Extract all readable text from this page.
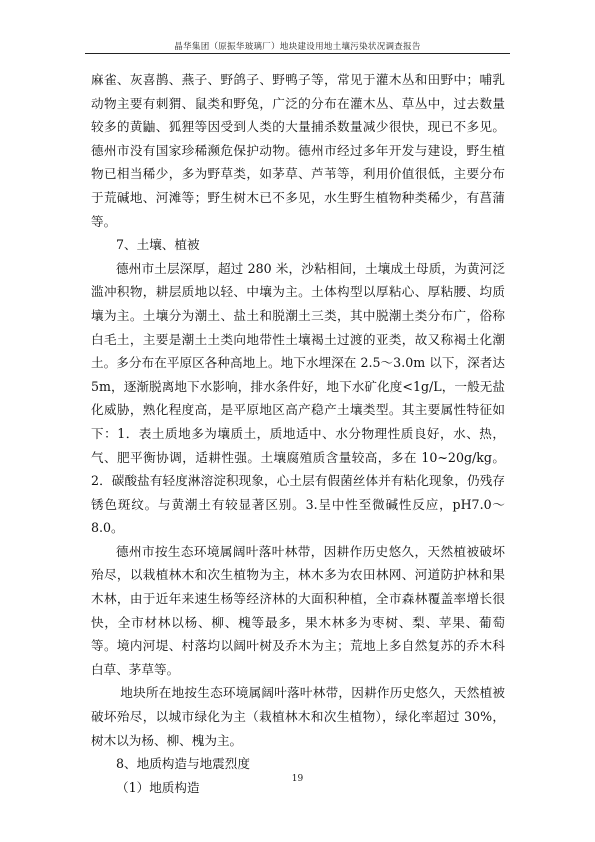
晶华集团（原振华玻璃厂）地块建设用地土壤污染状况调查报告

麻雀、灰喜鹊、燕子、野鸽子、野鸭子等，常见于灌木丛和田野中；哺乳动物主要有刺猬、鼠类和野兔，广泛的分布在灌木丛、草丛中，过去数量较多的黄鼬、狐狸等因受到人类的大量捕杀数量减少很快，现已不多见。德州市没有国家珍稀濒危保护动物。德州市经过多年开发与建设，野生植物已相当稀少，多为野草类，如茅草、芦苇等，利用价值很低，主要分布于荒碱地、河滩等；野生树木已不多见，水生野生植物种类稀少，有菖蒲等。

7、土壤、植被

德州市土层深厚，超过 280 米，沙粘相间，土壤成土母质，为黄河泛滥冲积物，耕层质地以轻、中壤为主。土体构型以厚粘心、厚粘腰、均质壤为主。土壤分为潮土、盐土和脱潮土三类，其中脱潮土类分布广，俗称白毛土，主要是潮土土类向地带性土壤褐土过渡的亚类，故又称褐土化潮土。多分布在平原区各种高地上。地下水埋深在 2.5～3.0m 以下，深者达 5m，逐渐脱离地下水影响，排水条件好，地下水矿化度<1g/L，一般无盐化威胁，熟化程度高，是平原地区高产稳产土壤类型。其主要属性特征如下：1．表土质地多为壤质土，质地适中、水分物理性质良好，水、热，气、肥平衡协调，适耕性强。土壤腐殖质含量较高，多在 10~20g/kg。2．碳酸盐有轻度淋溶淀积现象，心土层有假菌丝体并有粘化现象，仍残存锈色斑纹。与黄潮土有较显著区别。3.呈中性至微碱性反应，pH7.0～8.0。

德州市按生态环境属阔叶落叶林带，因耕作历史悠久，天然植被破坏殆尽，以栽植林木和次生植物为主，林木多为农田林网、河道防护林和果木林，由于近年来速生杨等经济林的大面积种植，全市森林覆盖率增长很快，全市材林以杨、柳、槐等最多，果木林多为枣树、梨、苹果、葡萄等。境内河堤、村落均以阔叶树及乔木为主；荒地上多自然复苏的乔木科白草、茅草等。

地块所在地按生态环境属阔叶落叶林带，因耕作历史悠久，天然植被破坏殆尽，以城市绿化为主（栽植林木和次生植物），绿化率超过 30%，树木以为杨、柳、槐为主。

8、地质构造与地震烈度

（1）地质构造

19
